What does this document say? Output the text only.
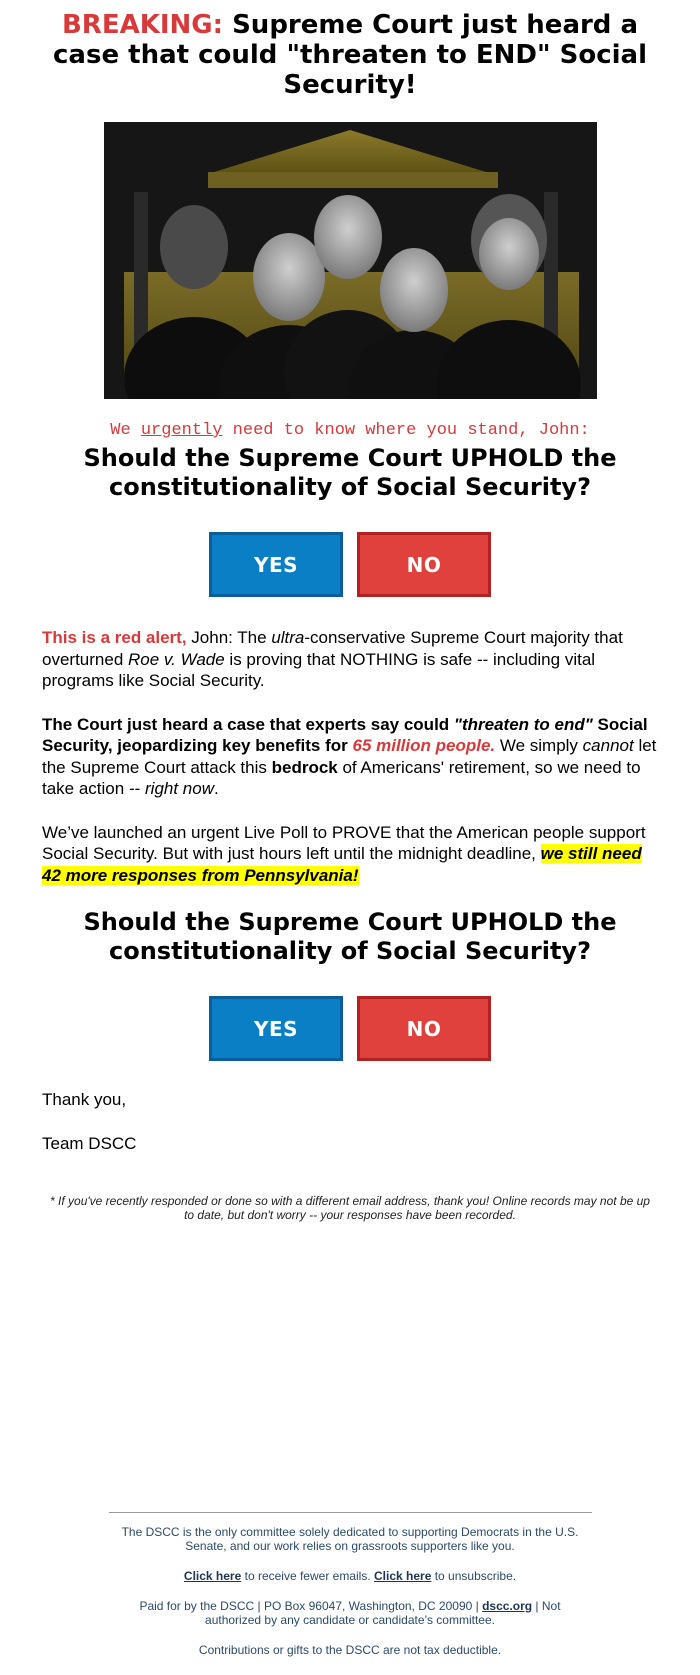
BREAKING: Supreme Court just heard a case that could "threaten to END" Social Security!
We urgently need to know where you stand, John:
Should the Supreme Court UPHOLD the constitutionality of Social Security?
YES	NO

This is a red alert, John: The ultra-conservative Supreme Court majority that overturned Roe v. Wade is proving that NOTHING is safe -- including vital programs like Social Security.

The Court just heard a case that experts say could "threaten to end" Social Security, jeopardizing key benefits for 65 million people. We simply cannot let the Supreme Court attack this bedrock of Americans' retirement, so we need to take action -- right now.

We’ve launched an urgent Live Poll to PROVE that the American people support Social Security. But with just hours left until the midnight deadline, we still need 42 more responses from Pennsylvania!

Should the Supreme Court UPHOLD the constitutionality of Social Security?
YES	NO

Thank you,

Team DSCC

* If you've recently responded or done so with a different email address, thank you! Online records may not be up to date, but don't worry -- your responses have been recorded.

The DSCC is the only committee solely dedicated to supporting Democrats in the U.S. Senate, and our work relies on grassroots supporters like you.

Click here to receive fewer emails. Click here to unsubscribe.

Paid for by the DSCC | PO Box 96047, Washington, DC 20090 | dscc.org | Not authorized by any candidate or candidate’s committee.

Contributions or gifts to the DSCC are not tax deductible.
